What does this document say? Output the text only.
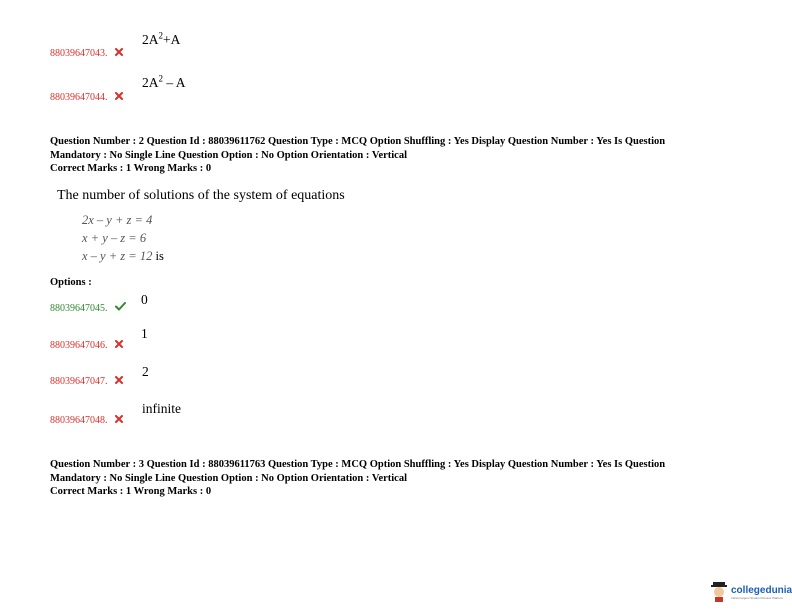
88039647043.
$2A^2+A$
88039647044.
$2A^2$ – A
Question Number : 2 Question Id : 88039611762 Question Type : MCQ Option Shuffling : Yes Display Question Number : Yes Is Question
Mandatory : No Single Line Question Option : No Option Orientation : Vertical
Correct Marks : 1 Wrong Marks : 0
The number of solutions of the system of equations
2x – y + z = 4
x + y – z = 6
x – y + z = 12 is
Options :
88039647045.
0
88039647046.
1
88039647047.
2
88039647048.
infinite
Question Number : 3 Question Id : 88039611763 Question Type : MCQ Option Shuffling : Yes Display Question Number : Yes Is Question
Mandatory : No Single Line Question Option : No Option Orientation : Vertical
Correct Marks : 1 Wrong Marks : 0
collegedunia
India's largest Student Review Platform
